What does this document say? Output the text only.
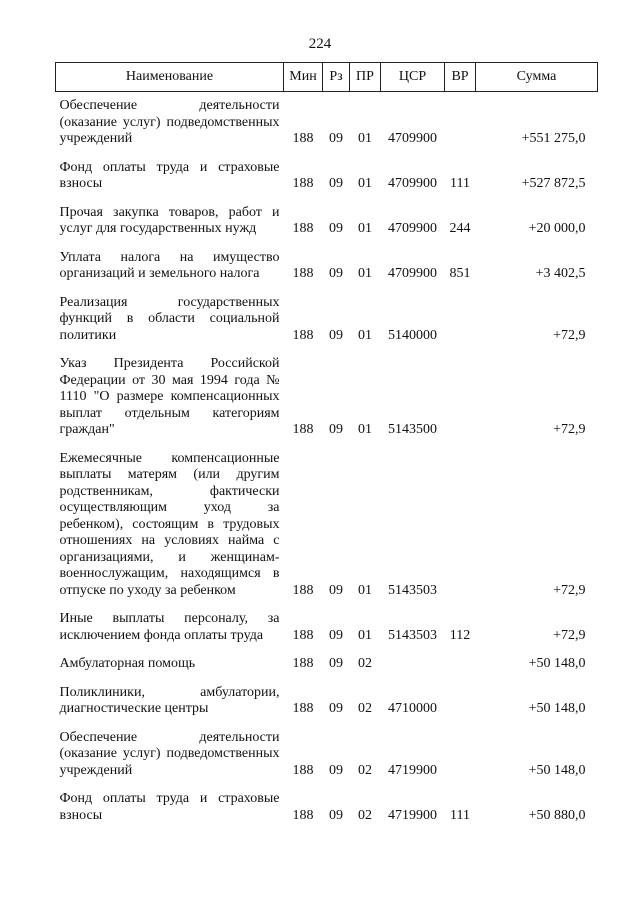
224
Наименование	Мин	Рз	ПР	ЦСР	ВР	Сумма
Обеспечение деятельности (оказание услуг) подведомственных учреждений	188	09	01	4709900		+551 275,0
Фонд оплаты труда и страховые взносы	188	09	01	4709900	111	+527 872,5
Прочая закупка товаров, работ и услуг для государственных нужд	188	09	01	4709900	244	+20 000,0
Уплата налога на имущество организаций и земельного налога	188	09	01	4709900	851	+3 402,5
Реализация государственных функций в области социальной политики	188	09	01	5140000		+72,9
Указ Президента Российской Федерации от 30 мая 1994 года № 1110 "О размере компенсационных выплат отдельным категориям граждан"	188	09	01	5143500		+72,9
Ежемесячные компенсационные выплаты матерям (или другим родственникам, фактически осуществляющим уход за ребенком), состоящим в трудовых отношениях на условиях найма с организациями, и женщинам-военнослужащим, находящимся в отпуске по уходу за ребенком	188	09	01	5143503		+72,9
Иные выплаты персоналу, за исключением фонда оплаты труда	188	09	01	5143503	112	+72,9
Амбулаторная помощь	188	09	02			+50 148,0
Поликлиники, амбулатории, диагностические центры	188	09	02	4710000		+50 148,0
Обеспечение деятельности (оказание услуг) подведомственных учреждений	188	09	02	4719900		+50 148,0
Фонд оплаты труда и страховые взносы	188	09	02	4719900	111	+50 880,0
